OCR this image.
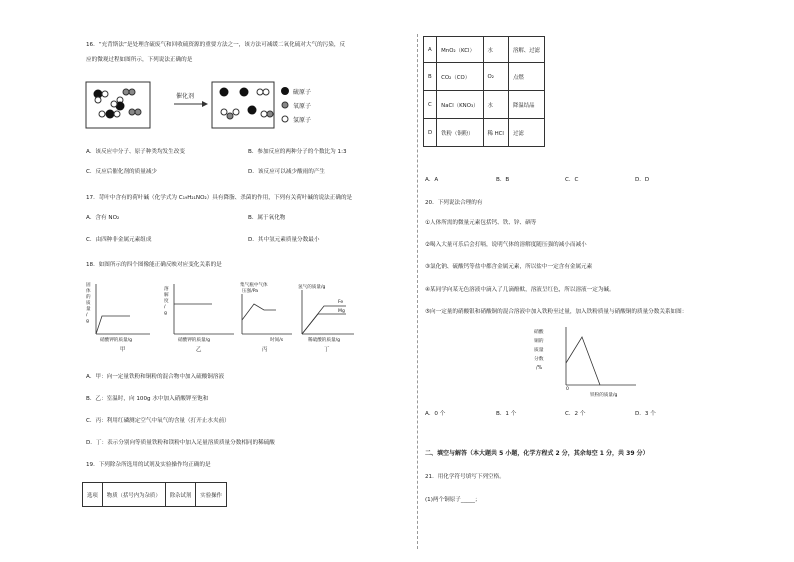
16．“充背斯法”是处理含硫废气和回收硫资源的重要方法之一，该方法可减缓二氧化硫对大气的污染，反
应的微观过程如图所示，下列说法正确的是
催化剂
硫原子
氧原子
氢原子
A．该反应中分子、原子种类均发生改变	B．参加反应的两种分子的个数比为 1:3
C．反应后催化剂的质量减少	D．该反应可以减少酸雨的产生
17．苛叶中含有的荷叶碱（化学式为 C₁₉H₂₁NO₂）具有降脂、杀菌的作用，下列有关荷叶碱的说法正确的是
A．含有 NO₂	B．属于氧化物
C．由四种非金属元素组成	D．其中氢元素质量分数最小
18．如图所示的四个图像能正确反映对应变化关系的是
固体的质量/ g
硝酸钾的质量/g
甲
溶解度/ g
硝酸钾的质量/g
乙
集气瓶中气体压强/Pa
时间/s
丙
氢气的质量/g
Fe
Mg
稀硫酸的质量/g
丁
A．甲：向一定量铁粉和铜粉的混合物中加入硫酸铜溶液
B．乙：室温时，向 100g 水中加入硝酸钾至饱和
C．丙：利用红磷测定空气中氧气的含量（打开止水夹前）
D．丁：表示分别向等质量铁粉和镁粉中加入足量溶质质量分数相同的稀硫酸
19．下列除杂所选用的试剂及实验操作均正确的是
选项	物质（括号内为杂质）	除杂试剂	实验操作
A	MnO₂（KCl）	水	溶解、过滤
B	CO₂（CO）	O₂	点燃
C	NaCl（KNO₃）	水	降温结晶
D	铁粉（铜粉）	稀 HCl	过滤
A．A	B．B	C．C	D．D
20．下列说法合理的有
①人体所需的微量元素包括钙、铁、锌、硒等
②喝入大量可乐后会打嗝，说明气体的溶解度随压强的减小而减小
③氯化钠、硫酸钙等盐中都含金属元素，所以盐中一定含有金属元素
④某同学向某无色溶液中滴入了几滴酚酞，溶液呈红色，所以溶液一定为碱。
⑤向一定量的硝酸银和硝酸铜的混合溶液中加入铁粉至过量，加入铁粉质量与硝酸铜的质量分数关系如图：
硝酸铜的质量分数/%
0
铁粉的质量/g
A．0 个	B．1 个	C．2 个	D．3 个
二、填空与解答（本大题共 5 小题，化学方程式 2 分，其余每空 1 分，共 39 分）
21．用化学符号填写下列空格。
(1)两个铜原子_____；
